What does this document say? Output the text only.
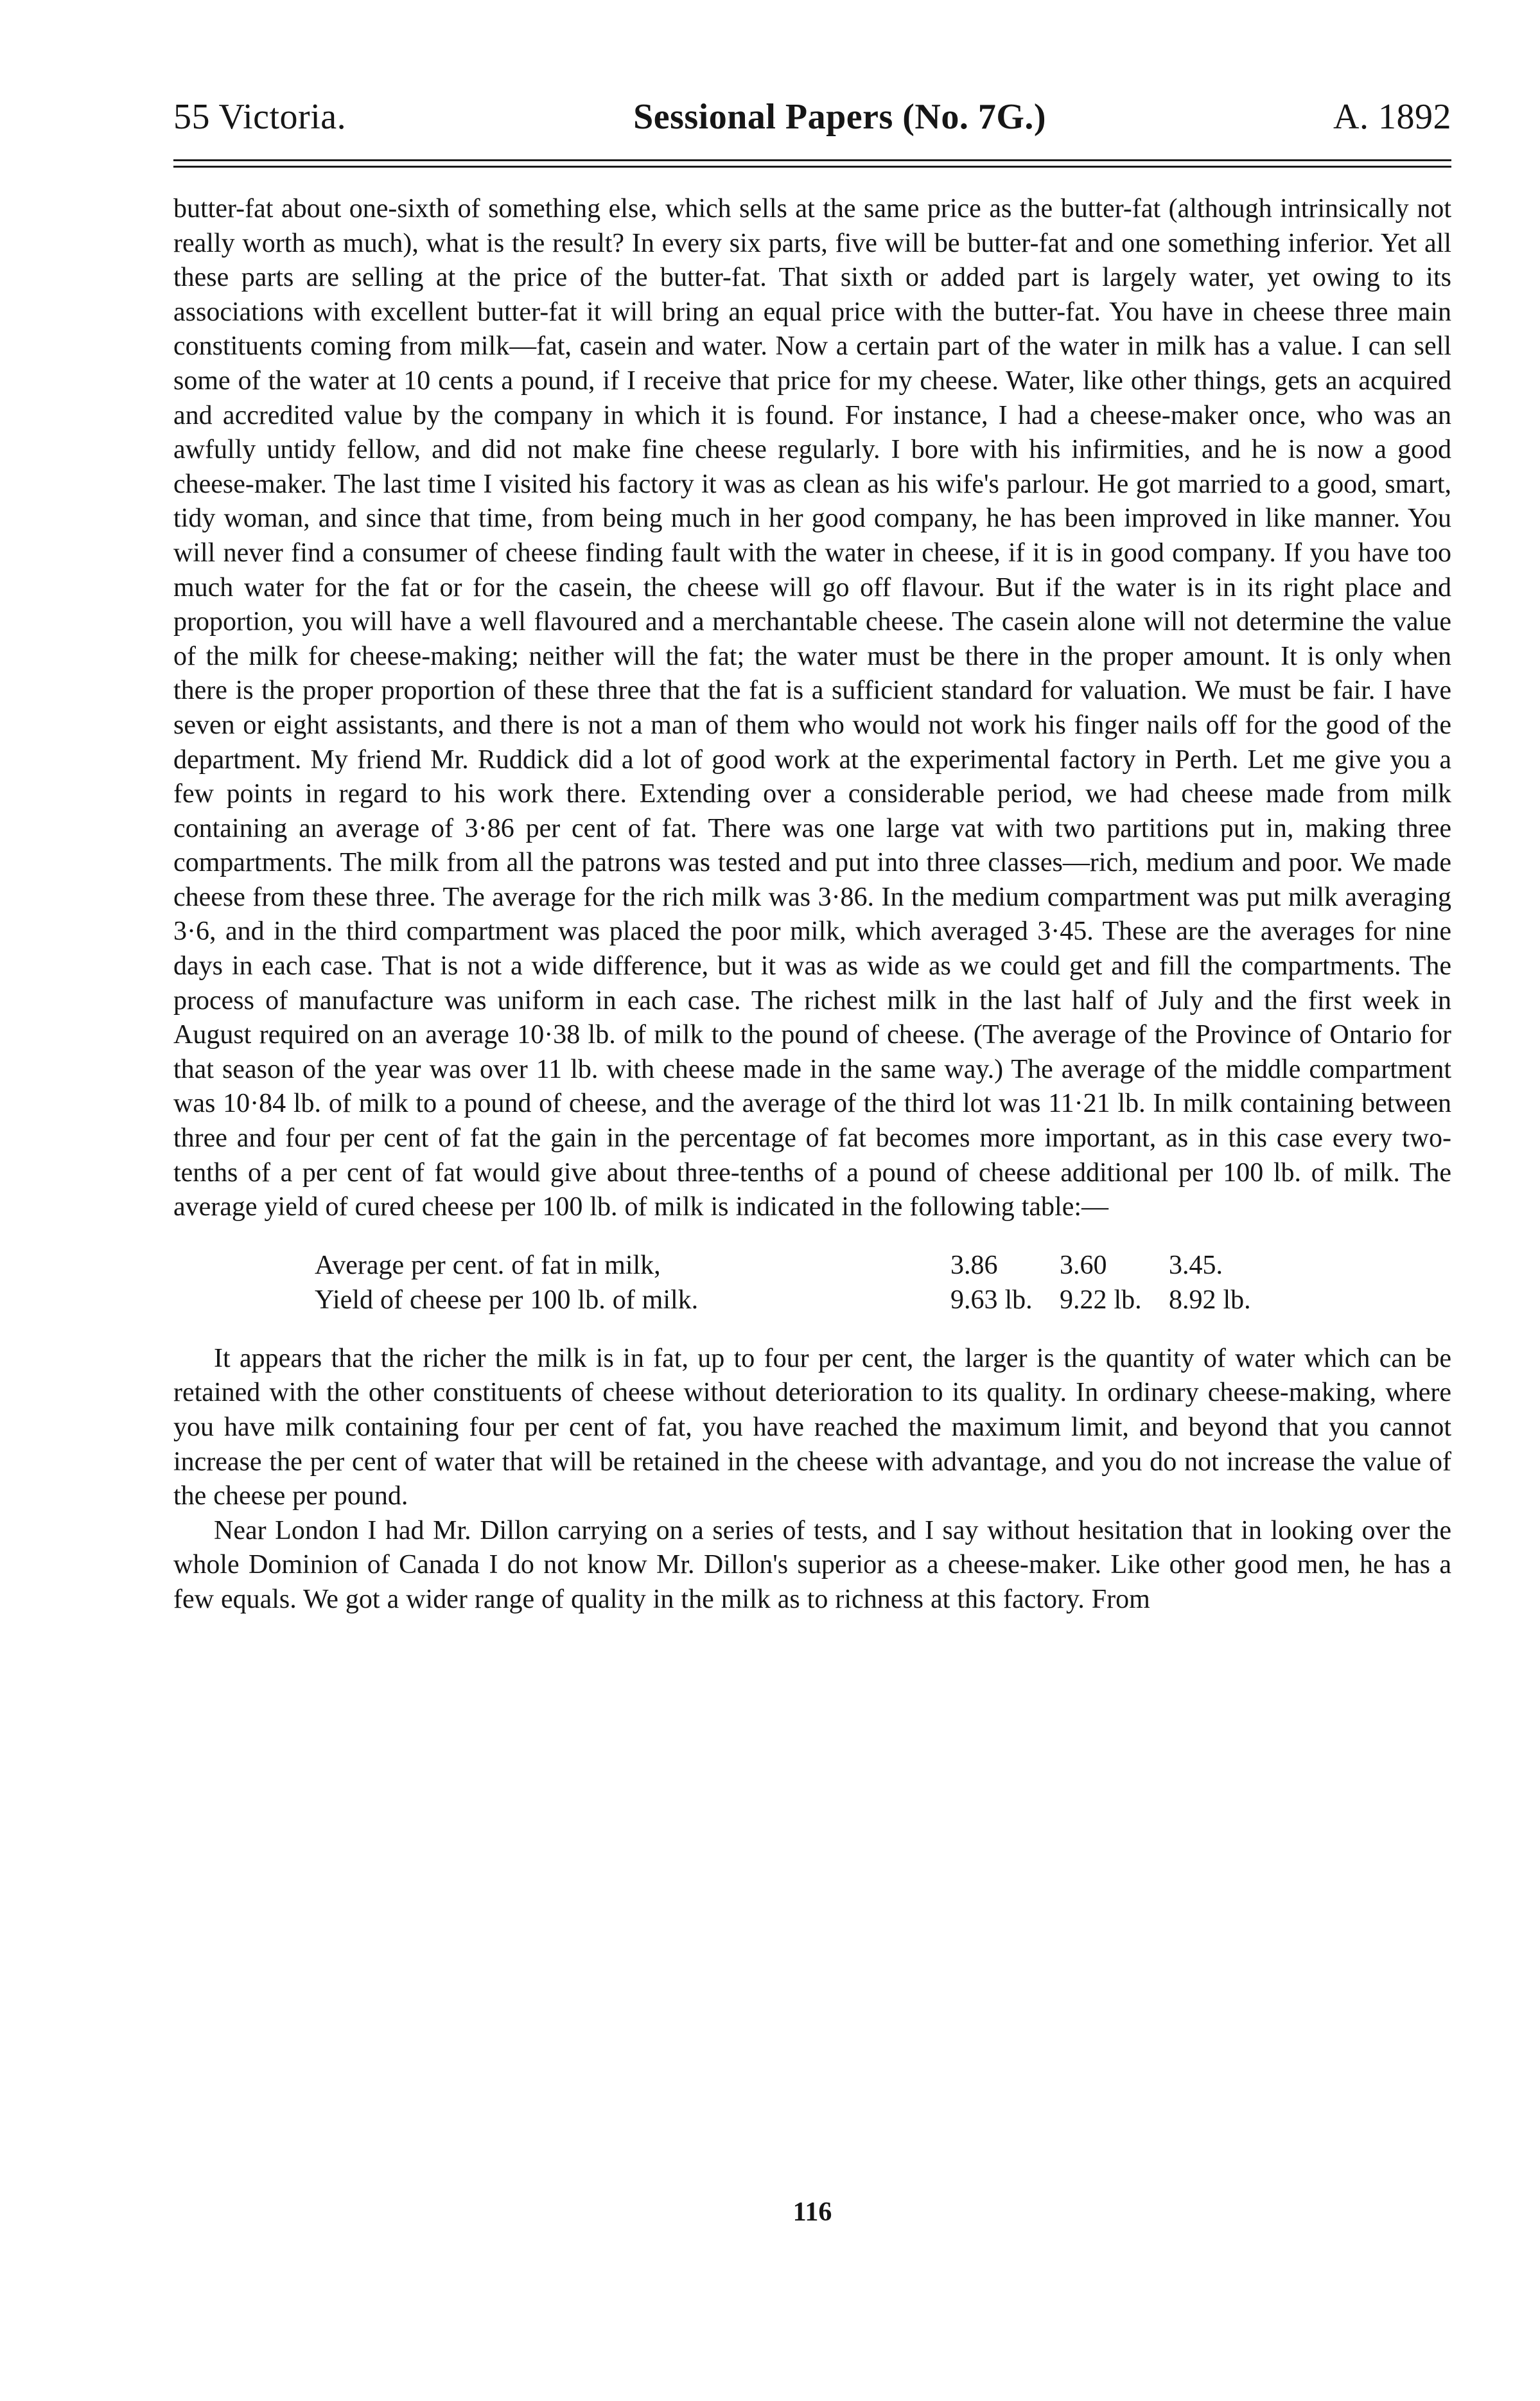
55 Victoria.	Sessional Papers (No. 7G.)	A. 1892

butter-fat about one-sixth of something else, which sells at the same price as the butter-fat (although intrinsically not really worth as much), what is the result? In every six parts, five will be butter-fat and one something inferior. Yet all these parts are selling at the price of the butter-fat. That sixth or added part is largely water, yet owing to its associations with excellent butter-fat it will bring an equal price with the butter-fat. You have in cheese three main constituents coming from milk—fat, casein and water. Now a certain part of the water in milk has a value. I can sell some of the water at 10 cents a pound, if I receive that price for my cheese. Water, like other things, gets an acquired and accredited value by the company in which it is found. For instance, I had a cheese-maker once, who was an awfully untidy fellow, and did not make fine cheese regularly. I bore with his infirmities, and he is now a good cheese-maker. The last time I visited his factory it was as clean as his wife's parlour. He got married to a good, smart, tidy woman, and since that time, from being much in her good company, he has been improved in like manner. You will never find a consumer of cheese finding fault with the water in cheese, if it is in good company. If you have too much water for the fat or for the casein, the cheese will go off flavour. But if the water is in its right place and proportion, you will have a well flavoured and a merchantable cheese. The casein alone will not determine the value of the milk for cheese-making; neither will the fat; the water must be there in the proper amount. It is only when there is the proper proportion of these three that the fat is a sufficient standard for valuation. We must be fair. I have seven or eight assistants, and there is not a man of them who would not work his finger nails off for the good of the department. My friend Mr. Ruddick did a lot of good work at the experimental factory in Perth. Let me give you a few points in regard to his work there. Extending over a considerable period, we had cheese made from milk containing an average of 3·86 per cent of fat. There was one large vat with two partitions put in, making three compartments. The milk from all the patrons was tested and put into three classes—rich, medium and poor. We made cheese from these three. The average for the rich milk was 3·86. In the medium compartment was put milk averaging 3·6, and in the third compartment was placed the poor milk, which averaged 3·45. These are the averages for nine days in each case. That is not a wide difference, but it was as wide as we could get and fill the compartments. The process of manufacture was uniform in each case. The richest milk in the last half of July and the first week in August required on an average 10·38 lb. of milk to the pound of cheese. (The average of the Province of Ontario for that season of the year was over 11 lb. with cheese made in the same way.) The average of the middle compartment was 10·84 lb. of milk to a pound of cheese, and the average of the third lot was 11·21 lb. In milk containing between three and four per cent of fat the gain in the percentage of fat becomes more important, as in this case every two-tenths of a per cent of fat would give about three-tenths of a pound of cheese additional per 100 lb. of milk. The average yield of cured cheese per 100 lb. of milk is indicated in the following table:—

Average per cent. of fat in milk,	3.86	3.60	3.45.
Yield of cheese per 100 lb. of milk.	9.63 lb.	9.22 lb.	8.92 lb.

It appears that the richer the milk is in fat, up to four per cent, the larger is the quantity of water which can be retained with the other constituents of cheese without deterioration to its quality. In ordinary cheese-making, where you have milk containing four per cent of fat, you have reached the maximum limit, and beyond that you cannot increase the per cent of water that will be retained in the cheese with advantage, and you do not increase the value of the cheese per pound.

Near London I had Mr. Dillon carrying on a series of tests, and I say without hesitation that in looking over the whole Dominion of Canada I do not know Mr. Dillon's superior as a cheese-maker. Like other good men, he has a few equals. We got a wider range of quality in the milk as to richness at this factory. From

116
